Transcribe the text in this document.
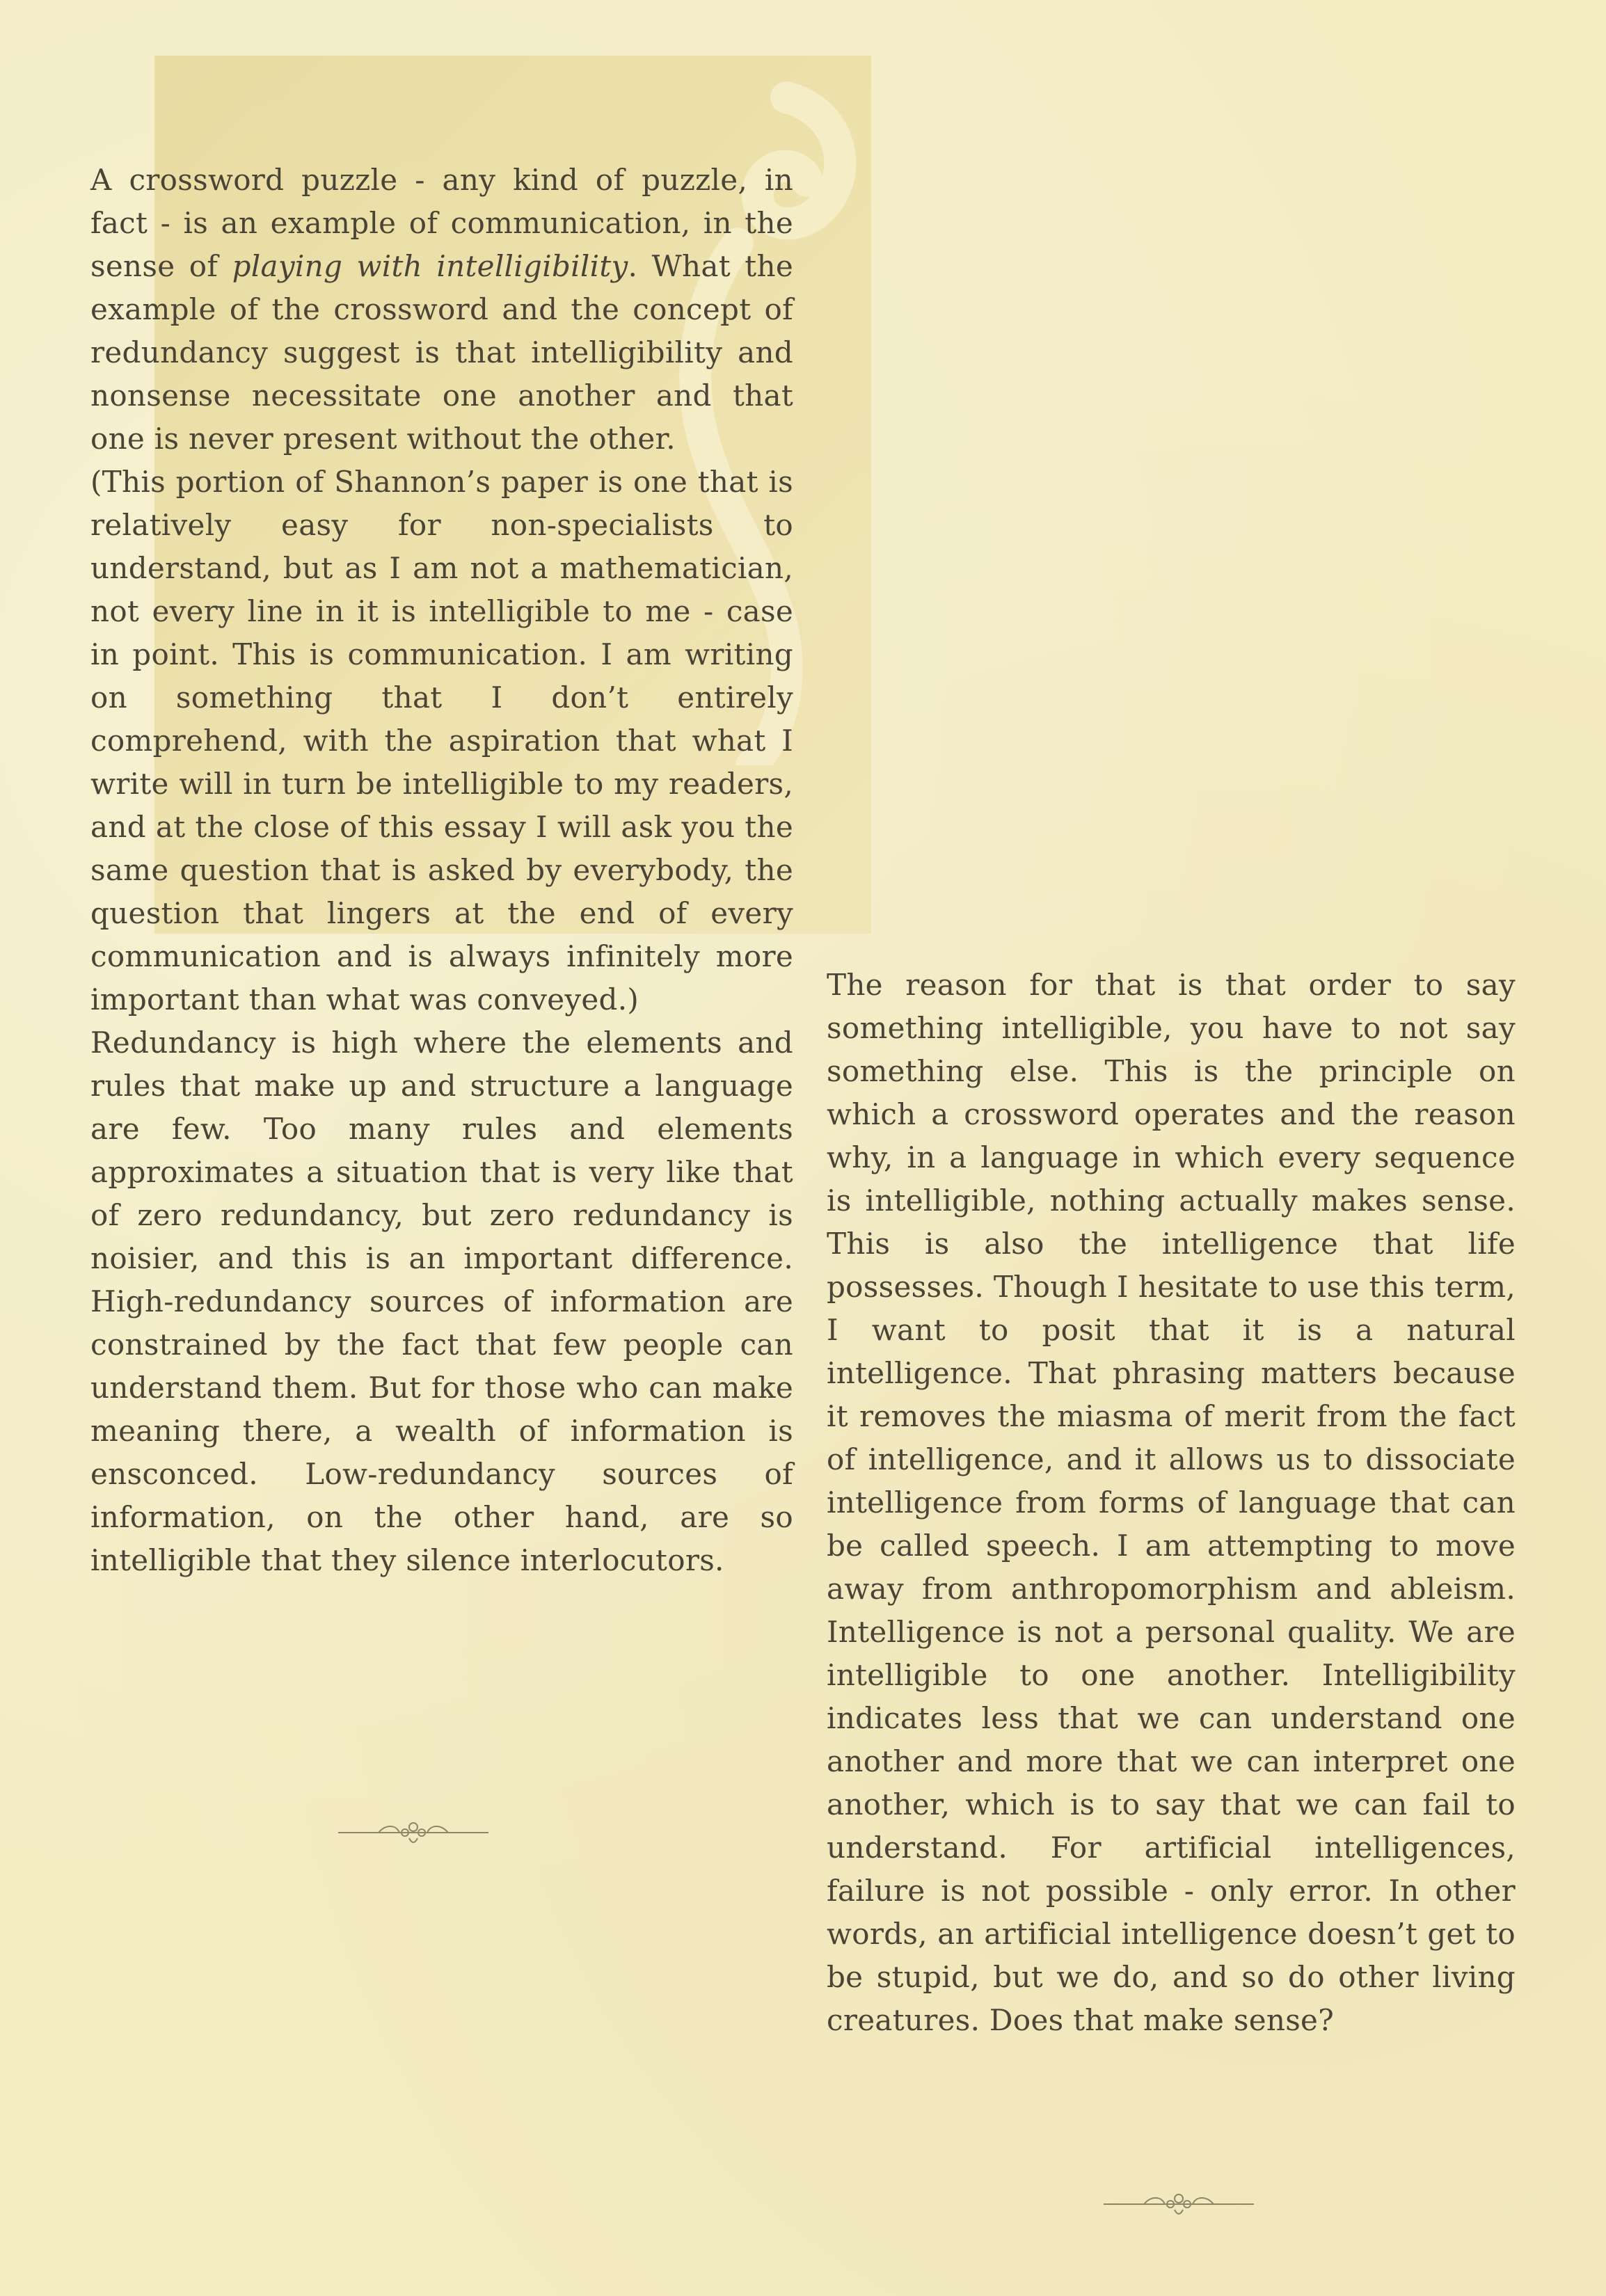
A crossword puzzle - any kind of puzzle, in fact - is an example of communication, in the sense of playing with intelligibility. What the example of the crossword and the concept of redundancy suggest is that intelligibility and nonsense necessitate one another and that one is never present without the other.

(This portion of Shannon’s paper is one that is relatively easy for non-specialists to understand, but as I am not a mathematician, not every line in it is intelligible to me - case in point. This is communication. I am writing on something that I don’t entirely comprehend, with the aspiration that what I write will in turn be intelligible to my readers, and at the close of this essay I will ask you the same question that is asked by everybody, the question that lingers at the end of every communication and is always infinitely more important than what was conveyed.)

Redundancy is high where the elements and rules that make up and structure a language are few. Too many rules and elements approximates a situation that is very like that of zero redundancy, but zero redundancy is noisier, and this is an important difference. High-redundancy sources of information are constrained by the fact that few people can understand them. But for those who can make meaning there, a wealth of information is ensconced. Low-redundancy sources of information, on the other hand, are so intelligible that they silence interlocutors.

The reason for that is that order to say something intelligible, you have to not say something else. This is the principle on which a crossword operates and the reason why, in a language in which every sequence is intelligible, nothing actually makes sense. This is also the intelligence that life possesses. Though I hesitate to use this term, I want to posit that it is a natural intelligence. That phrasing matters because it removes the miasma of merit from the fact of intelligence, and it allows us to dissociate intelligence from forms of language that can be called speech. I am attempting to move away from anthropomorphism and ableism. Intelligence is not a personal quality. We are intelligible to one another. Intelligibility indicates less that we can understand one another and more that we can interpret one another, which is to say that we can fail to understand. For artificial intelligences, failure is not possible - only error. In other words, an artificial intelligence doesn’t get to be stupid, but we do, and so do other living creatures. Does that make sense?
